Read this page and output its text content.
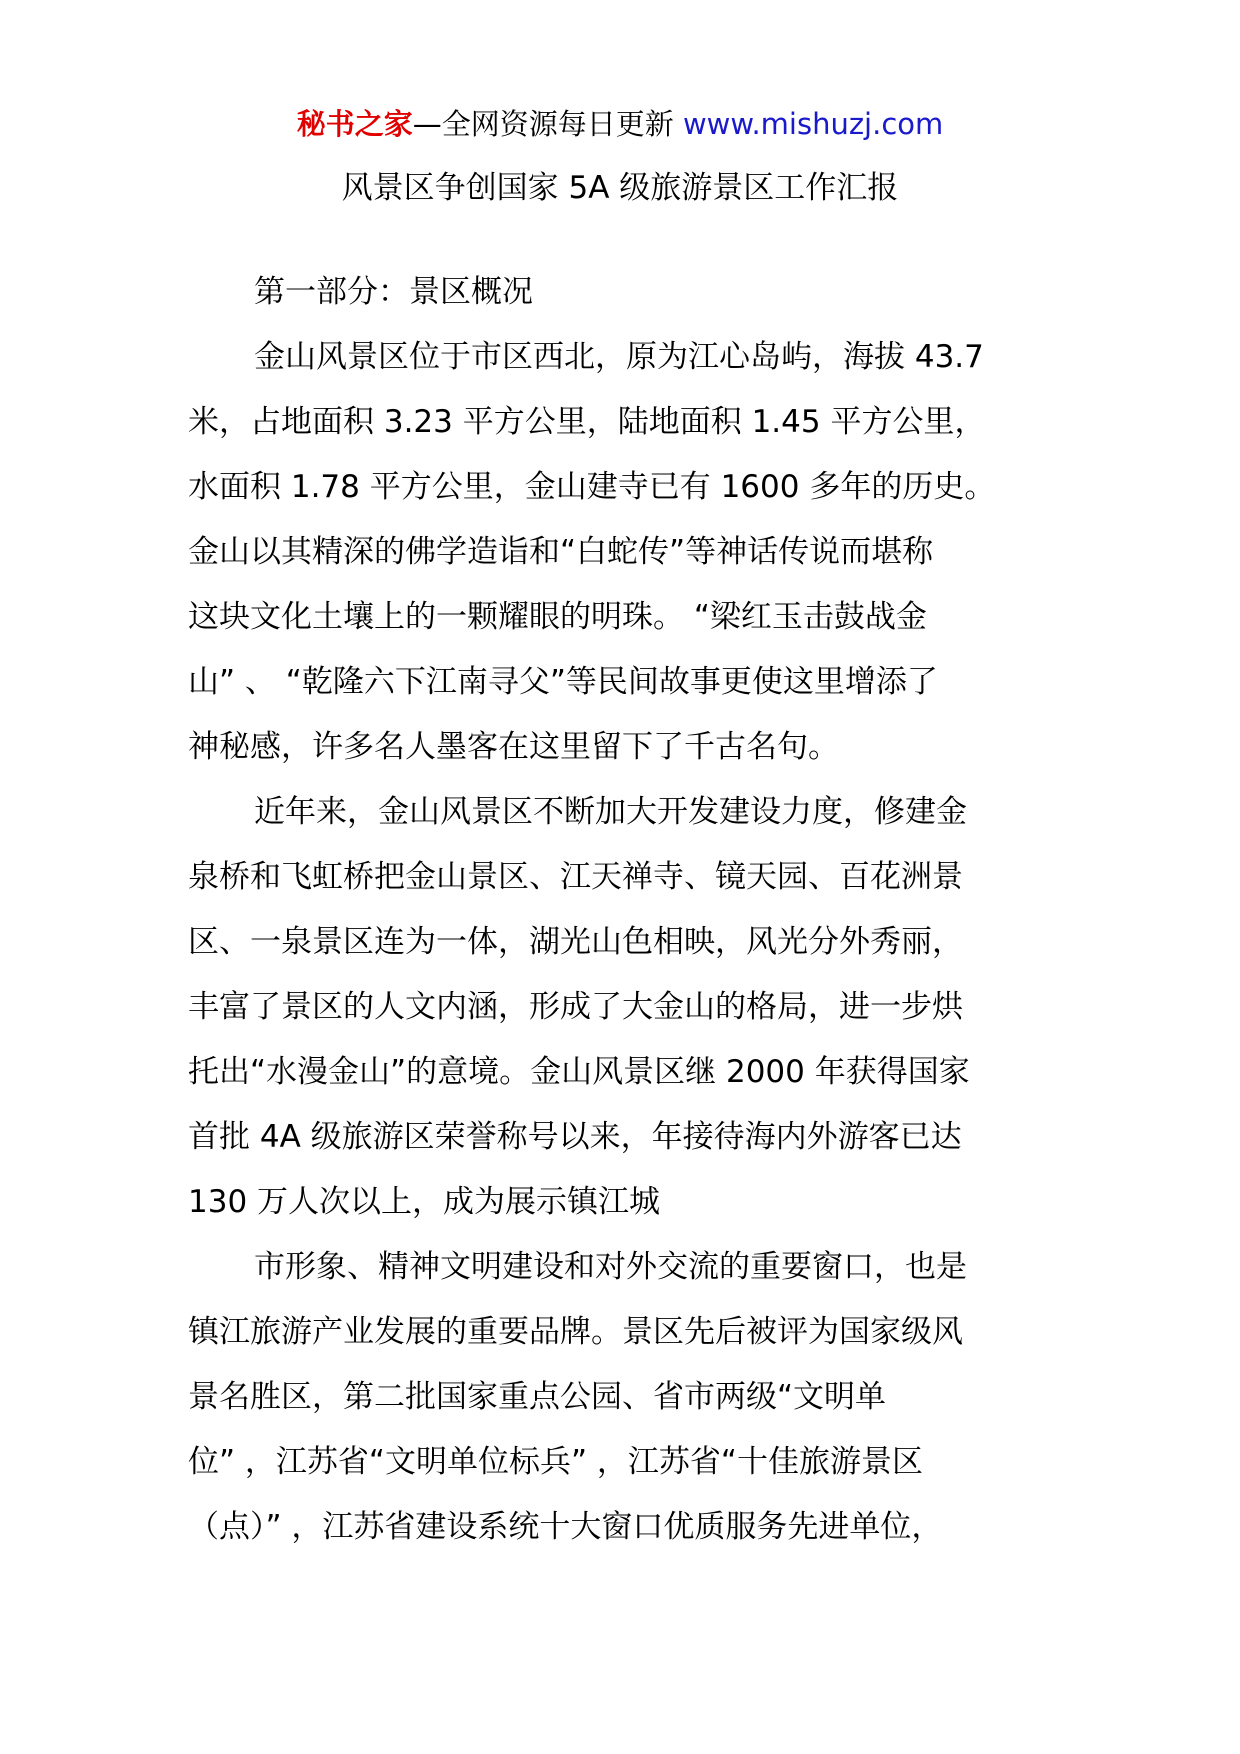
秘书之家—全网资源每日更新 www.mishuzj.com
风景区争创国家 5A 级旅游景区工作汇报
第一部分：景区概况
金山风景区位于市区西北，原为江心岛屿，海拔 43.7
米，占地面积 3.23 平方公里，陆地面积 1.45 平方公里，
水面积 1.78 平方公里，金山建寺已有 1600 多年的历史。
金山以其精深的佛学造诣和“白蛇传”等神话传说而堪称
这块文化土壤上的一颗耀眼的明珠。 “梁红玉击鼓战金
山” 、 “乾隆六下江南寻父”等民间故事更使这里增添了
神秘感，许多名人墨客在这里留下了千古名句。
近年来，金山风景区不断加大开发建设力度，修建金
泉桥和飞虹桥把金山景区、江天禅寺、镜天园、百花洲景
区、一泉景区连为一体，湖光山色相映，风光分外秀丽，
丰富了景区的人文内涵，形成了大金山的格局，进一步烘
托出“水漫金山”的意境。金山风景区继 2000 年获得国家
首批 4A 级旅游区荣誉称号以来，年接待海内外游客已达
130 万人次以上，成为展示镇江城
市形象、精神文明建设和对外交流的重要窗口，也是
镇江旅游产业发展的重要品牌。景区先后被评为国家级风
景名胜区，第二批国家重点公园、省市两级“文明单
位” ，江苏省“文明单位标兵” ，江苏省“十佳旅游景区
（点）” ，江苏省建设系统十大窗口优质服务先进单位，
